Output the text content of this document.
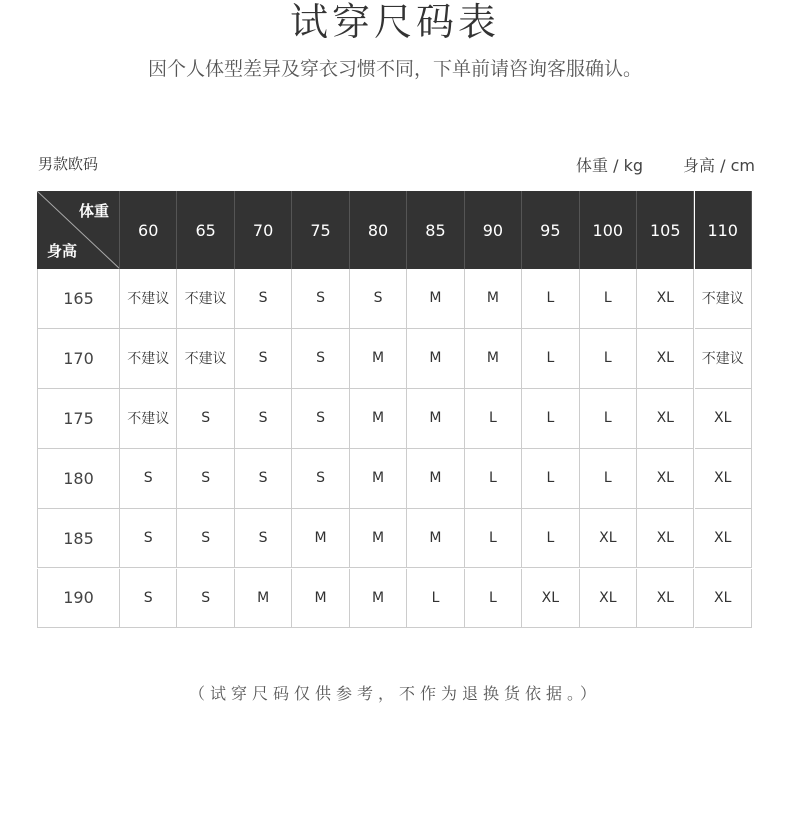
试穿尺码表
因个人体型差异及穿衣习惯不同，下单前请咨询客服确认。
男款欧码	体重 / kg	身高 / cm
体重
身高
60	65	70	75	80	85	90	95	100	105	110
165	不建议	不建议	S	S	S	M	M	L	L	XL	不建议
170	不建议	不建议	S	S	M	M	M	L	L	XL	不建议
175	不建议	S	S	S	M	M	L	L	L	XL	XL
180	S	S	S	S	M	M	L	L	L	XL	XL
185	S	S	S	M	M	M	L	L	XL	XL	XL
190	S	S	M	M	M	L	L	XL	XL	XL	XL
（试穿尺码仅供参考，不作为退换货依据。）
